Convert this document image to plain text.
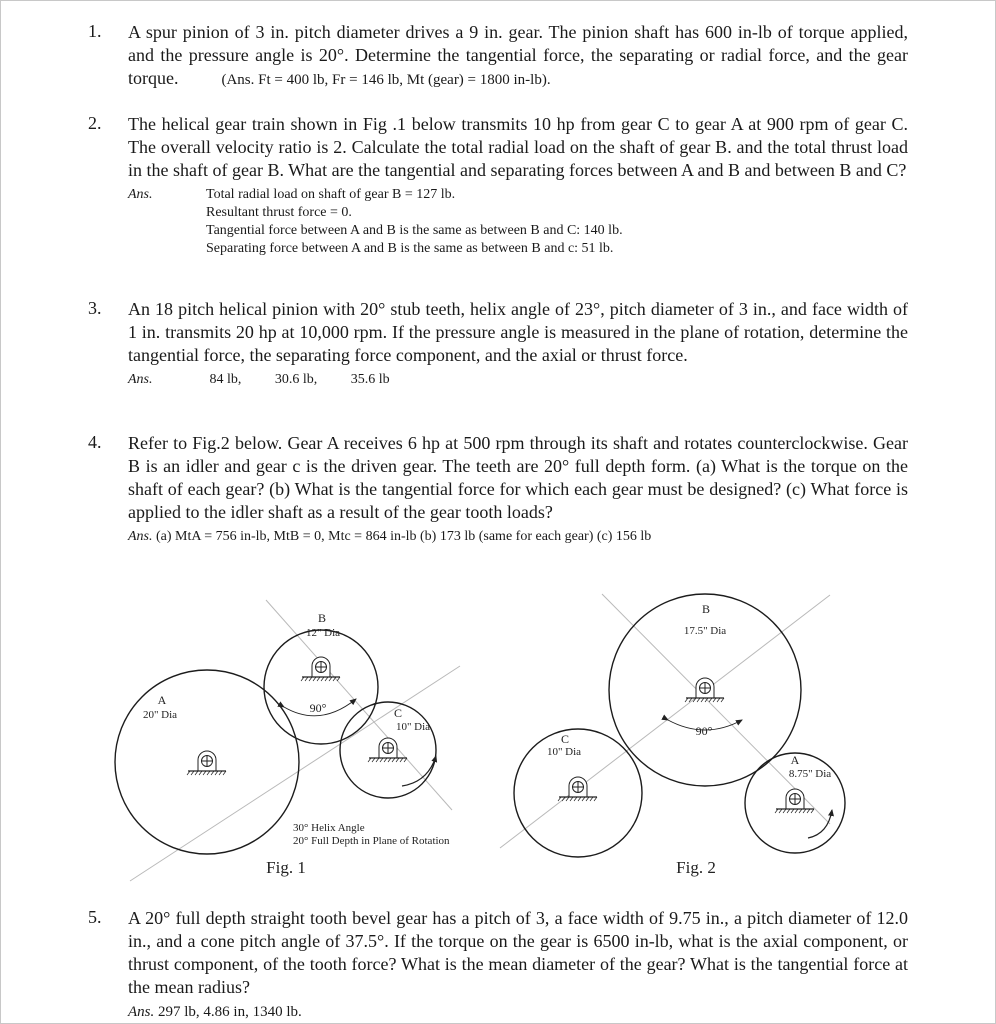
1. A spur pinion of 3 in. pitch diameter drives a 9 in. gear. The pinion shaft has 600 in-lb of torque applied, and the pressure angle is 20°. Determine the tangential force, the separating or radial force, and the gear torque.	(Ans. Ft = 400 lb, Fr = 146 lb, Mt (gear) = 1800 in-lb).
2. The helical gear train shown in Fig .1 below transmits 10 hp from gear C to gear A at 900 rpm of gear C. The overall velocity ratio is 2. Calculate the total radial load on the shaft of gear B. and the total thrust load in the shaft of gear B. What are the tangential and separating forces between A and B and between B and C?
Ans.	Total radial load on shaft of gear B = 127 lb.
Resultant thrust force = 0.
Tangential force between A and B is the same as between B and C: 140 lb.
Separating force between A and B is the same as between B and c: 51 lb.
3. An 18 pitch helical pinion with 20° stub teeth, helix angle of 23°, pitch diameter of 3 in., and face width of 1 in. transmits 20 hp at 10,000 rpm. If the pressure angle is measured in the plane of rotation, determine the tangential force, the separating force component, and the axial or thrust force.
Ans.	84 lb, 30.6 lb, 35.6 lb
4. Refer to Fig.2 below. Gear A receives 6 hp at 500 rpm through its shaft and rotates counterclockwise. Gear B is an idler and gear c is the driven gear. The teeth are 20° full depth form. (a) What is the torque on the shaft of each gear? (b) What is the tangential force for which each gear must be designed? (c) What force is applied to the idler shaft as a result of the gear tooth loads?
Ans. (a) MtA = 756 in-lb, MtB = 0, Mtc = 864 in-lb (b) 173 lb (same for each gear) (c) 156 lb
A
20" Dia
B
12" Dia
C
10" Dia
90°
30° Helix Angle
20° Full Depth in Plane of Rotation
Fig. 1
B
17.5" Dia
C
10" Dia
A
8.75" Dia
90°
Fig. 2
5. A 20° full depth straight tooth bevel gear has a pitch of 3, a face width of 9.75 in., a pitch diameter of 12.0 in., and a cone pitch angle of 37.5°. If the torque on the gear is 6500 in-lb, what is the axial component, or thrust component, of the tooth force? What is the mean diameter of the gear? What is the tangential force at the mean radius?
Ans. 297 lb, 4.86 in, 1340 lb.
